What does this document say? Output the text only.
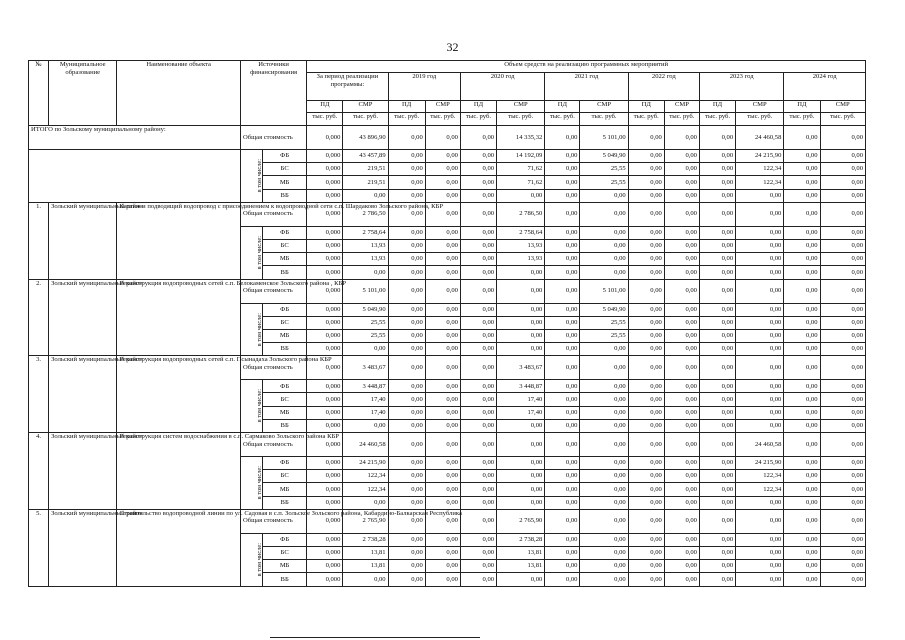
32
№	Муниципальное образование	Наименование объекта	Источники финансирования		Объем средств на реализацию программных мероприятий													
					За период реализации программы:		2019 год		2020 год		2021 год		2022 год		2023 год		2024 год	
					ПД	СМР	ПД	СМР	ПД	СМР	ПД	СМР	ПД	СМР	ПД	СМР	ПД	СМР
					тыс. руб.	тыс. руб.	тыс. руб.	тыс. руб.	тыс. руб.	тыс. руб.	тыс. руб.	тыс. руб.	тыс. руб.	тыс. руб.	тыс. руб.	тыс. руб.	тыс. руб.	тыс. руб.
ИТОГО по Зольскому муниципальному району:			Общая стоимость		0,000	43 896,90	0,00	0,00	0,00	14 335,32	0,00	5 101,00	0,00	0,00	0,00	24 460,58	0,00	0,00
			в том числе:	ФБ	0,000	43 457,89	0,00	0,00	0,00	14 192,09	0,00	5 049,90	0,00	0,00	0,00	24 215,90	0,00	0,00
				БС	0,000	219,51	0,00	0,00	0,00	71,62	0,00	25,55	0,00	0,00	0,00	122,34	0,00	0,00
				МБ	0,000	219,51	0,00	0,00	0,00	71,62	0,00	25,55	0,00	0,00	0,00	122,34	0,00	0,00
				ВБ	0,000	0,00	0,00	0,00	0,00	0,00	0,00	0,00	0,00	0,00	0,00	0,00	0,00	0,00
1.	Зольский муниципальный район	Каптаж и подводящий водопровод с присоединением к водопроводной сети с.п. Шардаково Зольского района, КБР	Общая стоимость		0,000	2 786,50	0,00	0,00	0,00	2 786,50	0,00	0,00	0,00	0,00	0,00	0,00	0,00	0,00
			в том числе:	ФБ	0,000	2 758,64	0,00	0,00	0,00	2 758,64	0,00	0,00	0,00	0,00	0,00	0,00	0,00	0,00
				БС	0,000	13,93	0,00	0,00	0,00	13,93	0,00	0,00	0,00	0,00	0,00	0,00	0,00	0,00
				МБ	0,000	13,93	0,00	0,00	0,00	13,93	0,00	0,00	0,00	0,00	0,00	0,00	0,00	0,00
				ВБ	0,000	0,00	0,00	0,00	0,00	0,00	0,00	0,00	0,00	0,00	0,00	0,00	0,00	0,00
2.	Зольский муниципальный район	Реконструкция водопроводных сетей с.п. Белокаменское Зольского района , КБР	Общая стоимость		0,000	5 101,00	0,00	0,00	0,00	0,00	0,00	5 101,00	0,00	0,00	0,00	0,00	0,00	0,00
			в том числе:	ФБ	0,000	5 049,90	0,00	0,00	0,00	0,00	0,00	5 049,90	0,00	0,00	0,00	0,00	0,00	0,00
				БС	0,000	25,55	0,00	0,00	0,00	0,00	0,00	25,55	0,00	0,00	0,00	0,00	0,00	0,00
				МБ	0,000	25,55	0,00	0,00	0,00	0,00	0,00	25,55	0,00	0,00	0,00	0,00	0,00	0,00
				ВБ	0,000	0,00	0,00	0,00	0,00	0,00	0,00	0,00	0,00	0,00	0,00	0,00	0,00	0,00
3.	Зольский муниципальный район	Реконструкция водопроводных сетей с.п. Псынадаха Зольского района КБР	Общая стоимость		0,000	3 483,67	0,00	0,00	0,00	3 483,67	0,00	0,00	0,00	0,00	0,00	0,00	0,00	0,00
			в том числе:	ФБ	0,000	3 448,87	0,00	0,00	0,00	3 448,87	0,00	0,00	0,00	0,00	0,00	0,00	0,00	0,00
				БС	0,000	17,40	0,00	0,00	0,00	17,40	0,00	0,00	0,00	0,00	0,00	0,00	0,00	0,00
				МБ	0,000	17,40	0,00	0,00	0,00	17,40	0,00	0,00	0,00	0,00	0,00	0,00	0,00	0,00
				ВБ	0,000	0,00	0,00	0,00	0,00	0,00	0,00	0,00	0,00	0,00	0,00	0,00	0,00	0,00
4.	Зольский муниципальный район	Реконструкция систем водоснабжения в с.п. Сармаково Зольского района КБР	Общая стоимость		0,000	24 460,58	0,00	0,00	0,00	0,00	0,00	0,00	0,00	0,00	0,00	24 460,58	0,00	0,00
			в том числе:	ФБ	0,000	24 215,90	0,00	0,00	0,00	0,00	0,00	0,00	0,00	0,00	0,00	24 215,90	0,00	0,00
				БС	0,000	122,34	0,00	0,00	0,00	0,00	0,00	0,00	0,00	0,00	0,00	122,34	0,00	0,00
				МБ	0,000	122,34	0,00	0,00	0,00	0,00	0,00	0,00	0,00	0,00	0,00	122,34	0,00	0,00
				ВБ	0,000	0,00	0,00	0,00	0,00	0,00	0,00	0,00	0,00	0,00	0,00	0,00	0,00	0,00
5.	Зольский муниципальный район	Строительство водопроводной линии по ул. Садовая в с.п. Зольское Зольского района, Кабардино-Балкарская Республика	Общая стоимость		0,000	2 765,90	0,00	0,00	0,00	2 765,90	0,00	0,00	0,00	0,00	0,00	0,00	0,00	0,00
			в том числе:	ФБ	0,000	2 738,28	0,00	0,00	0,00	2 738,28	0,00	0,00	0,00	0,00	0,00	0,00	0,00	0,00
				БС	0,000	13,81	0,00	0,00	0,00	13,81	0,00	0,00	0,00	0,00	0,00	0,00	0,00	0,00
				МБ	0,000	13,81	0,00	0,00	0,00	13,81	0,00	0,00	0,00	0,00	0,00	0,00	0,00	0,00
				ВБ	0,000	0,00	0,00	0,00	0,00	0,00	0,00	0,00	0,00	0,00	0,00	0,00	0,00	0,00
